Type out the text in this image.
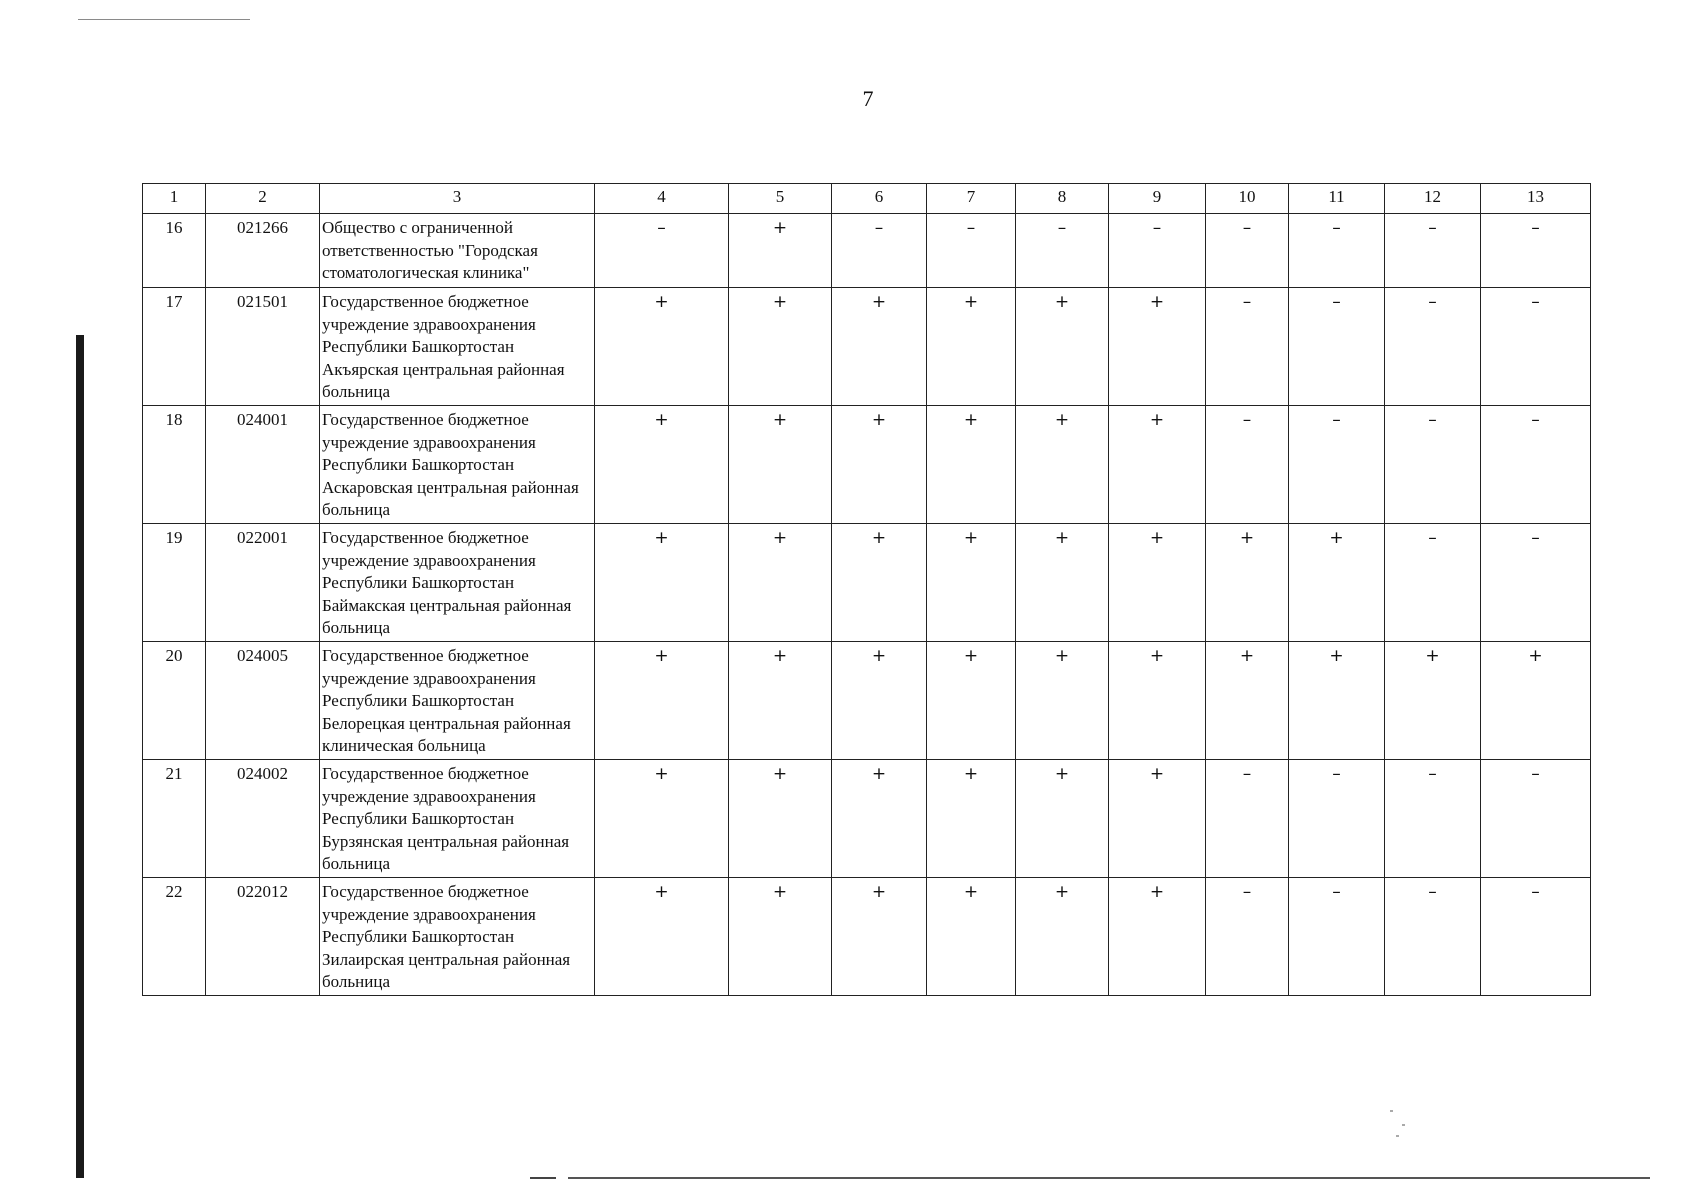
7
1	2	3	4	5	6	7	8	9	10	11	12	13
16	021266	Общество с ограниченной ответственностью "Городская стоматологическая клиника"	–	+	–	–	–	–	–	–	–	–
17	021501	Государственное бюджетное учреждение здравоохранения Республики Башкортостан Акъярская центральная районная больница	+	+	+	+	+	+	–	–	–	–
18	024001	Государственное бюджетное учреждение здравоохранения Республики Башкортостан Аскаровская центральная районная больница	+	+	+	+	+	+	–	–	–	–
19	022001	Государственное бюджетное учреждение здравоохранения Республики Башкортостан Баймакская центральная районная больница	+	+	+	+	+	+	+	+	–	–
20	024005	Государственное бюджетное учреждение здравоохранения Республики Башкортостан Белорецкая центральная районная клиническая больница	+	+	+	+	+	+	+	+	+	+
21	024002	Государственное бюджетное учреждение здравоохранения Республики Башкортостан Бурзянская центральная районная больница	+	+	+	+	+	+	–	–	–	–
22	022012	Государственное бюджетное учреждение здравоохранения Республики Башкортостан Зилаирская центральная районная больница	+	+	+	+	+	+	–	–	–	–
